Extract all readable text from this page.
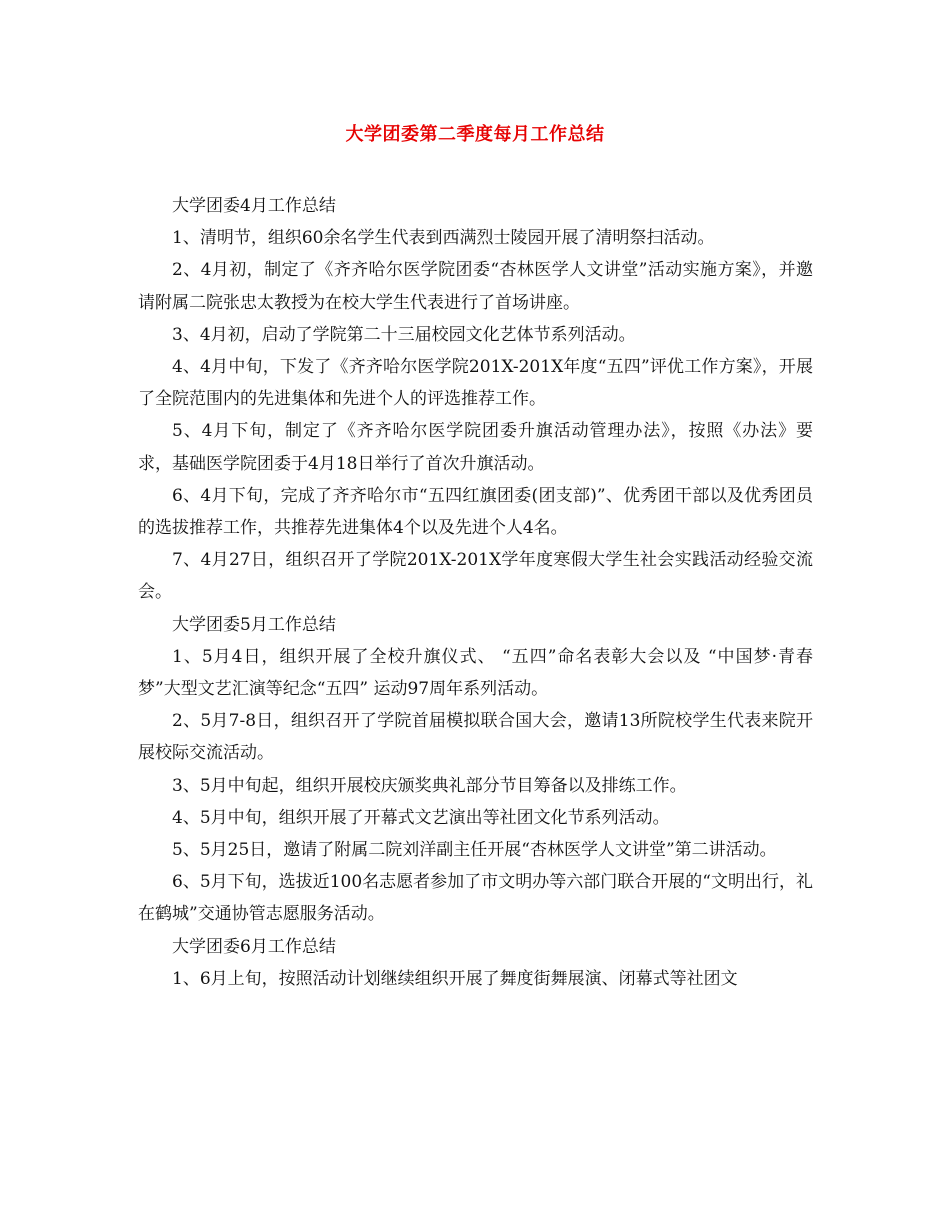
大学团委第二季度每月工作总结

大学团委4月工作总结

1、清明节，组织60余名学生代表到西满烈士陵园开展了清明祭扫活动。

2、4月初，制定了《齐齐哈尔医学院团委“杏林医学人文讲堂”活动实施方案》，并邀请附属二院张忠太教授为在校大学生代表进行了首场讲座。

3、4月初，启动了学院第二十三届校园文化艺体节系列活动。

4、4月中旬，下发了《齐齐哈尔医学院201X-201X年度“五四”评优工作方案》，开展了全院范围内的先进集体和先进个人的评选推荐工作。

5、4月下旬，制定了《齐齐哈尔医学院团委升旗活动管理办法》，按照《办法》要求，基础医学院团委于4月18日举行了首次升旗活动。

6、4月下旬，完成了齐齐哈尔市“五四红旗团委(团支部)”、优秀团干部以及优秀团员的选拔推荐工作，共推荐先进集体4个以及先进个人4名。

7、4月27日，组织召开了学院201X-201X学年度寒假大学生社会实践活动经验交流会。

大学团委5月工作总结

1、5月4日，组织开展了全校升旗仪式、 “五四”命名表彰大会以及 “中国梦·青春梦”大型文艺汇演等纪念“五四” 运动97周年系列活动。

2、5月7-8日，组织召开了学院首届模拟联合国大会，邀请13所院校学生代表来院开展校际交流活动。

3、5月中旬起，组织开展校庆颁奖典礼部分节目筹备以及排练工作。

4、5月中旬，组织开展了开幕式文艺演出等社团文化节系列活动。

5、5月25日，邀请了附属二院刘洋副主任开展“杏林医学人文讲堂”第二讲活动。

6、5月下旬，选拔近100名志愿者参加了市文明办等六部门联合开展的“文明出行，礼在鹤城”交通协管志愿服务活动。

大学团委6月工作总结

1、6月上旬，按照活动计划继续组织开展了舞度街舞展演、闭幕式等社团文
